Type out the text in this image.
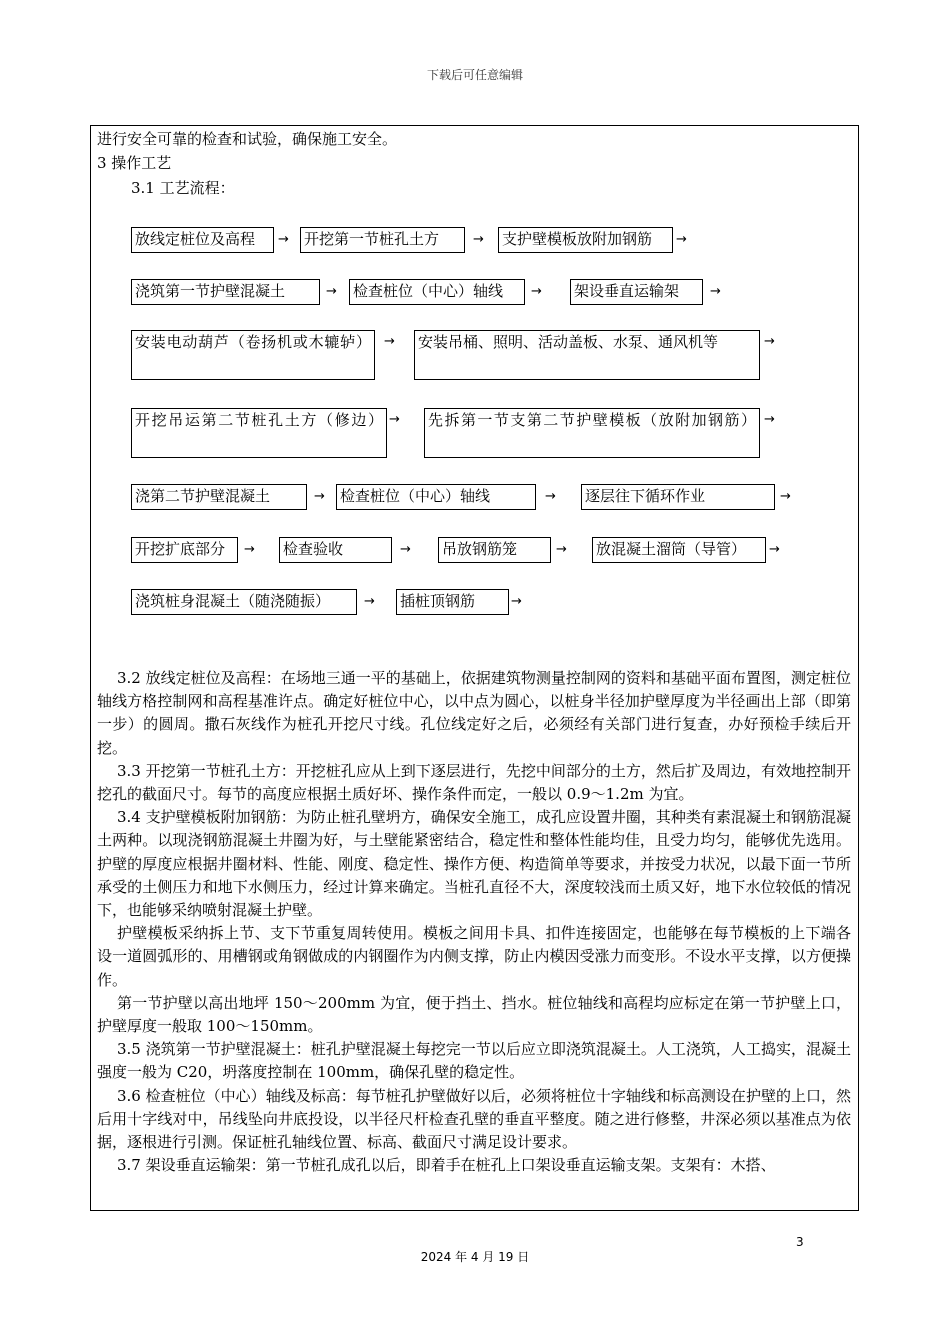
下载后可任意编辑
进行安全可靠的检查和试验，确保施工安全。
3 操作工艺
3.1 工艺流程：
放线定桩位及高程	→ 开挖第一节桩孔土方	→ 支护壁模板放附加钢筋	→
浇筑第一节护壁混凝土	→ 检查桩位（中心）轴线	→ 架设垂直运输架	→
安装电动葫芦（卷扬机或木辘轳）	→ 安装吊桶、照明、活动盖板、水泵、通风机等	→
开挖吊运第二节桩孔土方（修边） → 先拆第一节支第二节护壁模板（放附加钢筋） →
浇第二节护壁混凝土	→ 检查桩位（中心）轴线	→ 逐层往下循环作业	→
开挖扩底部分	→ 检查验收	→ 吊放钢筋笼	→ 放混凝土溜筒（导管）	→
浇筑桩身混凝土（随浇随振）	→ 插桩顶钢筋	→

3.2 放线定桩位及高程：在场地三通一平的基础上，依据建筑物测量控制网的资料和基础平面布置图，测定桩位轴线方格控制网和高程基准许点。确定好桩位中心，以中点为圆心，以桩身半径加护壁厚度为半径画出上部（即第一步）的圆周。撒石灰线作为桩孔开挖尺寸线。孔位线定好之后，必须经有关部门进行复查，办好预检手续后开挖。

3.3 开挖第一节桩孔土方：开挖桩孔应从上到下逐层进行，先挖中间部分的土方，然后扩及周边，有效地控制开挖孔的截面尺寸。每节的高度应根据土质好坏、操作条件而定，一般以 0.9～1.2m 为宜。

3.4 支护壁模板附加钢筋：为防止桩孔壁坍方，确保安全施工，成孔应设置井圈，其种类有素混凝土和钢筋混凝土两种。以现浇钢筋混凝土井圈为好，与土壁能紧密结合，稳定性和整体性能均佳，且受力均匀，能够优先选用。护壁的厚度应根据井圈材料、性能、刚度、稳定性、操作方便、构造简单等要求，并按受力状况，以最下面一节所承受的土侧压力和地下水侧压力，经过计算来确定。当桩孔直径不大，深度较浅而土质又好，地下水位较低的情况下，也能够采纳喷射混凝土护壁。

护壁模板采纳拆上节、支下节重复周转使用。模板之间用卡具、扣件连接固定，也能够在每节模板的上下端各设一道圆弧形的、用槽钢或角钢做成的内钢圈作为内侧支撑，防止内模因受涨力而变形。不设水平支撑，以方便操作。

第一节护壁以高出地坪 150～200mm 为宜，便于挡土、挡水。桩位轴线和高程均应标定在第一节护壁上口，护壁厚度一般取 100～150mm。

3.5 浇筑第一节护壁混凝土：桩孔护壁混凝土每挖完一节以后应立即浇筑混凝土。人工浇筑，人工捣实，混凝土强度一般为 C20，坍落度控制在 100mm，确保孔壁的稳定性。

3.6 检查桩位（中心）轴线及标高：每节桩孔护壁做好以后，必须将桩位十字轴线和标高测设在护壁的上口，然后用十字线对中，吊线坠向井底投设，以半径尺杆检查孔壁的垂直平整度。随之进行修整，井深必须以基准点为依据，逐根进行引测。保证桩孔轴线位置、标高、截面尺寸满足设计要求。

3.7 架设垂直运输架：第一节桩孔成孔以后，即着手在桩孔上口架设垂直运输支架。支架有：木搭、

3
2024 年 4 月 19 日
